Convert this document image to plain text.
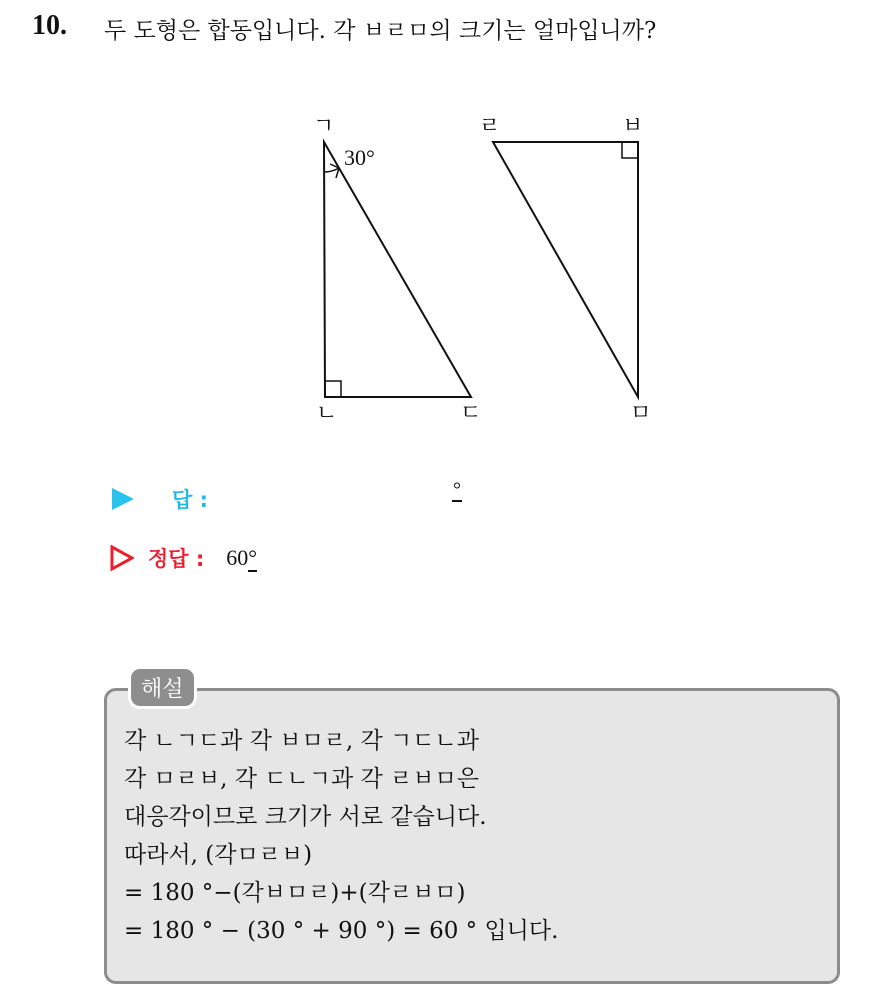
10. 두 도형은 합동입니다. 각 ㅂㄹㅁ의 크기는 얼마입니까?
ㄱ
30°
ㄴ	ㄷ
ㄹ	ㅂ
ㅁ
답 :	°
정답 : 60°
해설
각 ㄴㄱㄷ과 각 ㅂㅁㄹ, 각 ㄱㄷㄴ과
각 ㅁㄹㅂ, 각 ㄷㄴㄱ과 각 ㄹㅂㅁ은
대응각이므로 크기가 서로 같습니다.
따라서, (각ㅁㄹㅂ)
= 180 °−(각ㅂㅁㄹ)+(각ㄹㅂㅁ)
= 180 ° − (30 ° + 90 °) = 60 ° 입니다.
